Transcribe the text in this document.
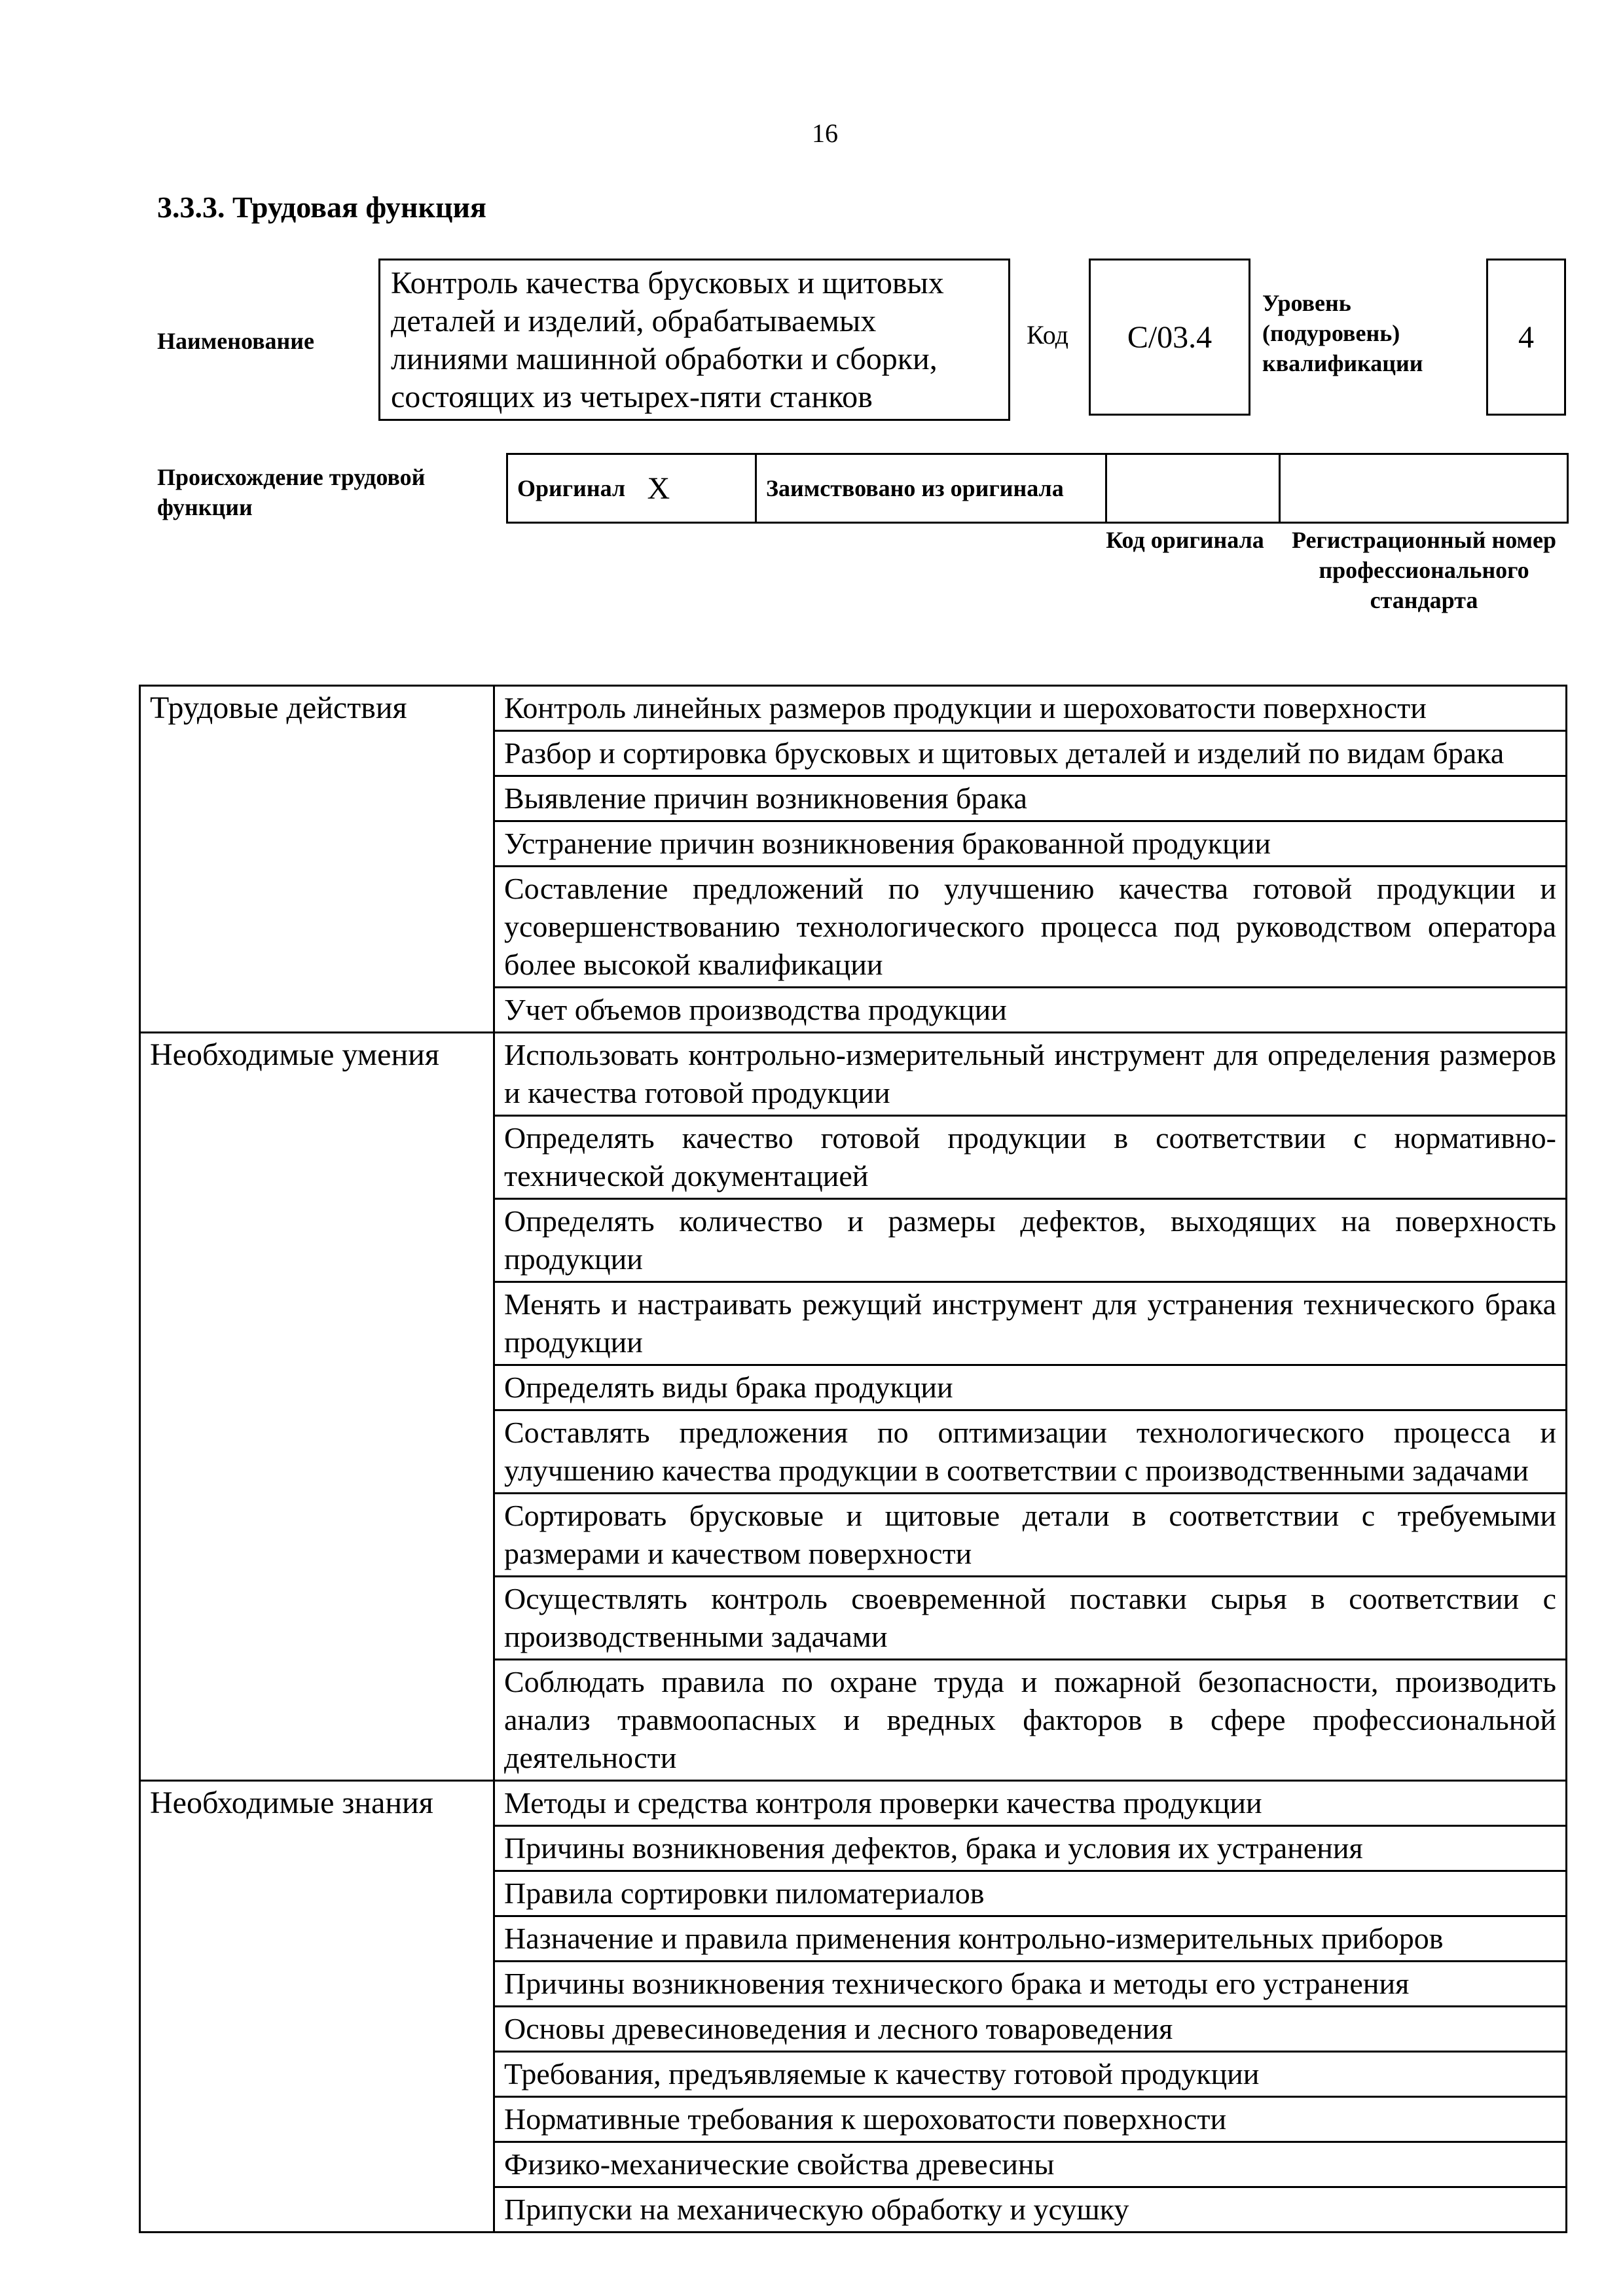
16
3.3.3. Трудовая функция
Наименование
Контроль качества брусковых и щитовых деталей и изделий, обрабатываемых линиями машинной обработки и сборки, состоящих из четырех-пяти станков
Код	C/03.4
Уровень (подуровень) квалификации
4
Происхождение трудовой функции
Оригинал	X	Заимствовано из оригинала		
Код оригинала	Регистрационный номер профессионального стандарта
Трудовые действия	Контроль линейных размеров продукции и шероховатости поверхности
	Разбор и сортировка брусковых и щитовых деталей и изделий по видам брака
	Выявление причин возникновения брака
	Устранение причин возникновения бракованной продукции
	Составление предложений по улучшению качества готовой продукции и усовершенствованию технологического процесса под руководством оператора более высокой квалификации
	Учет объемов производства продукции
Необходимые умения	Использовать контрольно-измерительный инструмент для определения размеров и качества готовой продукции
	Определять качество готовой продукции в соответствии с нормативно-технической документацией
	Определять количество и размеры дефектов, выходящих на поверхность продукции
	Менять и настраивать режущий инструмент для устранения технического брака продукции
	Определять виды брака продукции
	Составлять предложения по оптимизации технологического процесса и улучшению качества продукции в соответствии с производственными задачами
	Сортировать брусковые и щитовые детали в соответствии с требуемыми размерами и качеством поверхности
	Осуществлять контроль своевременной поставки сырья в соответствии с производственными задачами
	Соблюдать правила по охране труда и пожарной безопасности, производить анализ травмоопасных и вредных факторов в сфере профессиональной деятельности
Необходимые знания	Методы и средства контроля проверки качества продукции
	Причины возникновения дефектов, брака и условия их устранения
	Правила сортировки пиломатериалов
	Назначение и правила применения контрольно-измерительных приборов
	Причины возникновения технического брака и методы его устранения
	Основы древесиноведения и лесного товароведения
	Требования, предъявляемые к качеству готовой продукции
	Нормативные требования к шероховатости поверхности
	Физико-механические свойства древесины
	Припуски на механическую обработку и усушку
